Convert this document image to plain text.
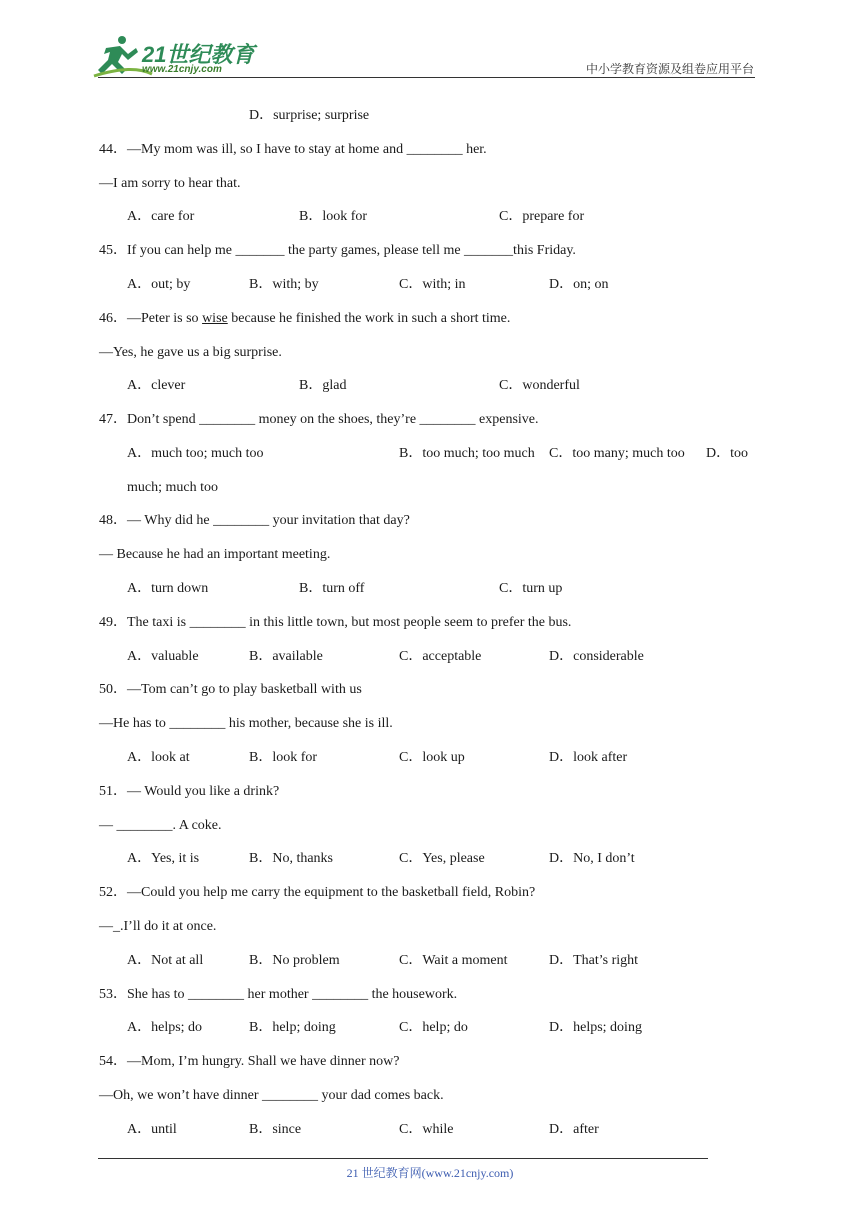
21世纪教育
www.21cnjy.com	中小学教育资源及组卷应用平台
D．surprise; surprise
44．—My mom was ill, so I have to stay at home and ________ her.
—I am sorry to hear that.
A．care for	B．look for	C．prepare for
45．If you can help me _______ the party games, please tell me _______this Friday.
A．out; by	B．with; by	C．with; in	D．on; on
46．—Peter is so wise because he finished the work in such a short time.
—Yes, he gave us a big surprise.
A．clever	B．glad	C．wonderful
47．Don’t spend ________ money on the shoes, they’re ________ expensive.
A．much too; much too	B．too much; too much C．too many; much too D．too
much; much too
48．— Why did he ________ your invitation that day?
— Because he had an important meeting.
A．turn down	B．turn off	C．turn up
49．The taxi is ________ in this little town, but most people seem to prefer the bus.
A．valuable	B．available	C．acceptable	D．considerable
50．—Tom can’t go to play basketball with us
—He has to ________ his mother, because she is ill.
A．look at	B．look for	C．look up	D．look after
51．— Would you like a drink?
— ________. A coke.
A．Yes, it is	B．No, thanks	C．Yes, please	D．No, I don’t
52．—Could you help me carry the equipment to the basketball field, Robin?
—_.I’ll do it at once.
A．Not at all	B．No problem	C．Wait a moment	D．That’s right
53．She has to ________ her mother ________ the housework.
A．helps; do	B．help; doing	C．help; do	D．helps; doing
54．—Mom, I’m hungry. Shall we have dinner now?
—Oh, we won’t have dinner ________ your dad comes back.
A．until	B．since	C．while	D．after
21 世纪教育网(www.21cnjy.com)
